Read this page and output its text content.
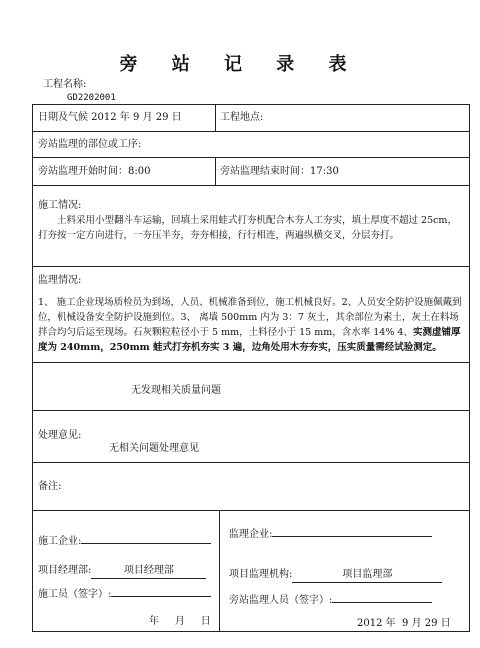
旁 站 记 录 表
工程名称:
GD2202001
日期及气候 2012 年 9 月 29 日	工程地点:
旁站监理的部位或工序:
旁站监理开始时间：8:00	旁站监理结束时间：17:30
施工情况:
土料采用小型翻斗车运输，回填土采用蛙式打夯机配合木夯人工夯实，填土厚度不超过 25cm，打夯按一定方向进行，一夯压半夯，夯夯相接，行行相连，两遍纵横交叉，分层夯打。
监理情况:
1、 施工企业现场质检员为到场，人员、机械准备到位，施工机械良好。2、人员安全防护设施佩戴到位，机械设备安全防护设施到位。3、 离墙 500mm 内为 3：7 灰土，其余部位为素土，灰土在料场拌合均匀后运至现场。石灰颗粒粒径小于 5 mm，土料径小于 15 mm，含水率 14% 4、实测虚铺厚度为 240mm，250mm 蛙式打夯机夯实 3 遍，边角处用木夯夯实，压实质量需经试验测定。
无发现相关质量问题
处理意见:
无相关问题处理意见
备注:
施工企业:
项目经理部:	项目经理部
施工员（签字）:
年     月     日
监理企业:
项目监理机构:	项目监理部
旁站监理人员（签字）:
2012 年  9 月 29 日
